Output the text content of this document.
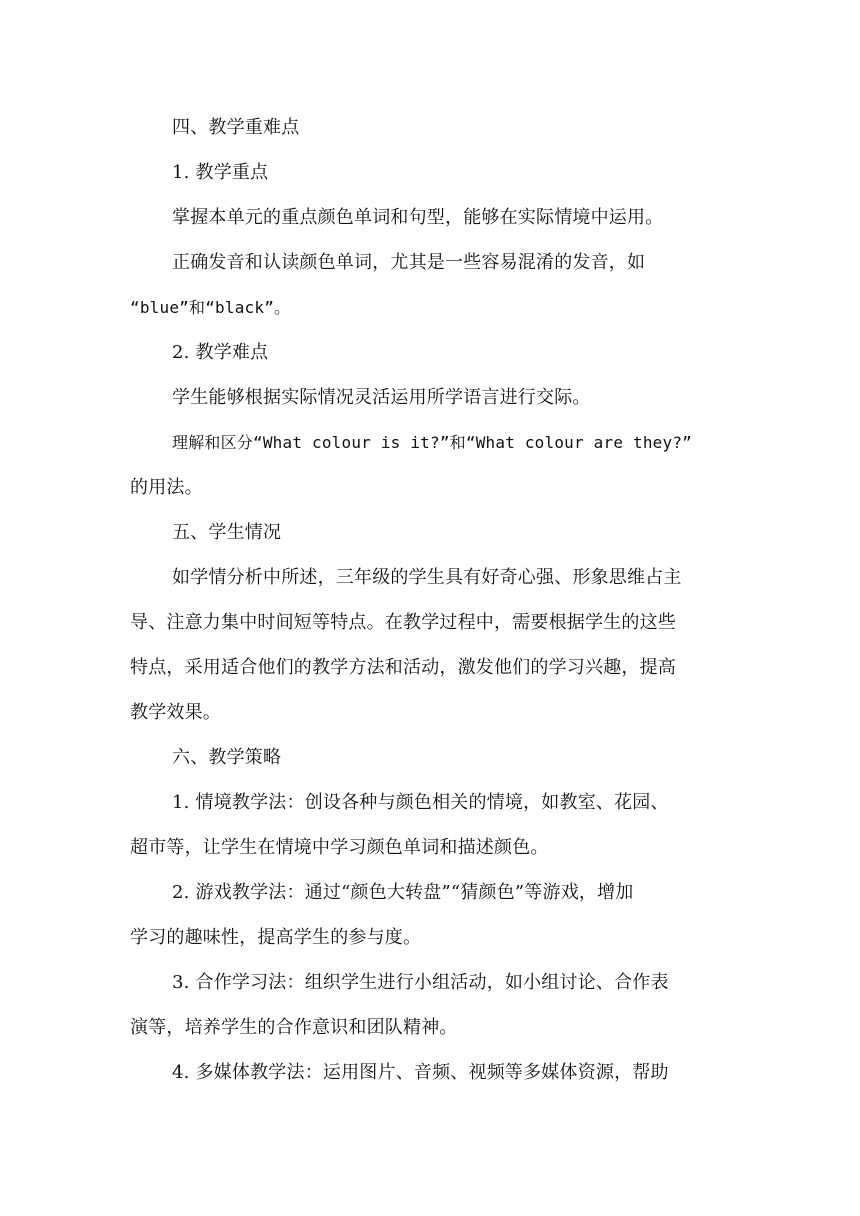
四、教学重难点
1. 教学重点
掌握本单元的重点颜色单词和句型，能够在实际情境中运用。
正确发音和认读颜色单词，尤其是一些容易混淆的发音，如
“blue”和“black”。
2. 教学难点
学生能够根据实际情况灵活运用所学语言进行交际。
理解和区分“What colour is it?”和“What colour are they?”
的用法。
五、学生情况
如学情分析中所述，三年级的学生具有好奇心强、形象思维占主
导、注意力集中时间短等特点。在教学过程中，需要根据学生的这些
特点，采用适合他们的教学方法和活动，激发他们的学习兴趣，提高
教学效果。
六、教学策略
1. 情境教学法：创设各种与颜色相关的情境，如教室、花园、
超市等，让学生在情境中学习颜色单词和描述颜色。
2. 游戏教学法：通过“颜色大转盘”“猜颜色”等游戏，增加
学习的趣味性，提高学生的参与度。
3. 合作学习法：组织学生进行小组活动，如小组讨论、合作表
演等，培养学生的合作意识和团队精神。
4. 多媒体教学法：运用图片、音频、视频等多媒体资源，帮助
